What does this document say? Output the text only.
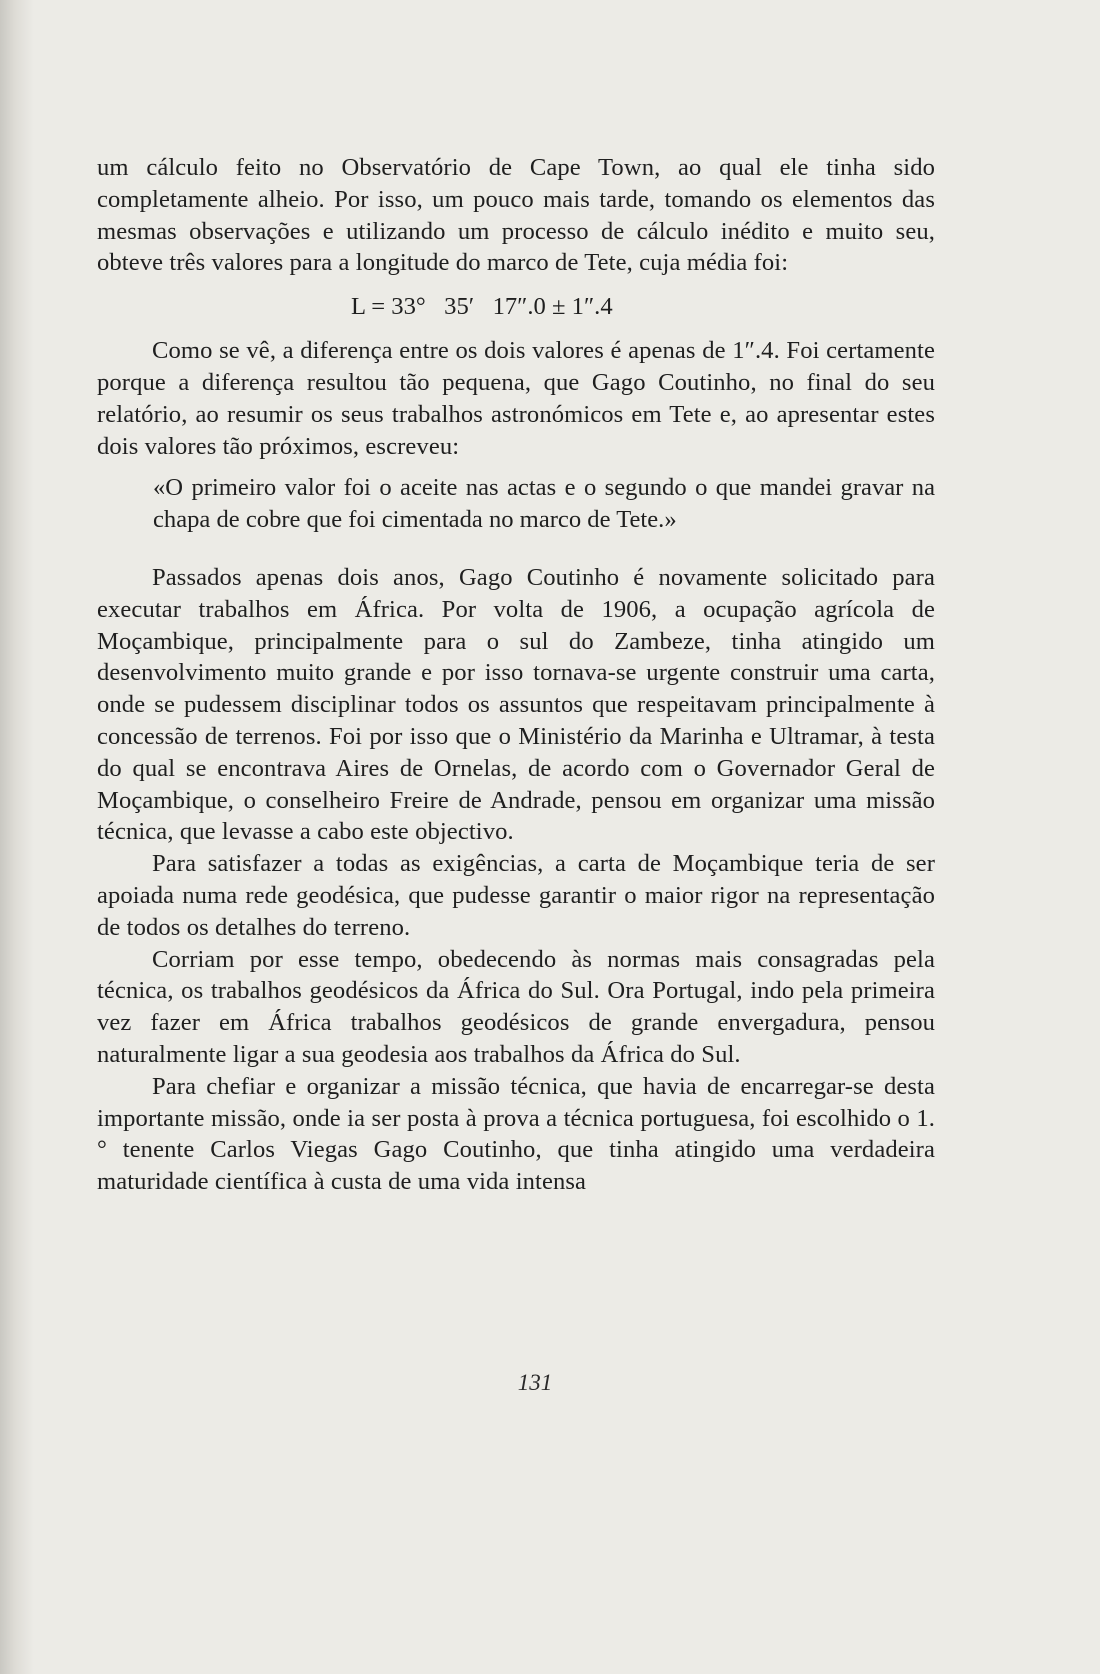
um cálculo feito no Observatório de Cape Town, ao qual ele tinha sido completamente alheio. Por isso, um pouco mais tarde, tomando os elementos das mesmas observações e utilizando um processo de cálculo inédito e muito seu, obteve três valores para a longitude do marco de Tete, cuja média foi:

L = 33°   35′   17″.0 ± 1″.4

Como se vê, a diferença entre os dois valores é apenas de 1″.4. Foi certamente porque a diferença resultou tão pequena, que Gago Coutinho, no final do seu relatório, ao resumir os seus trabalhos astronómicos em Tete e, ao apresentar estes dois valores tão próximos, escreveu:

«O primeiro valor foi o aceite nas actas e o segundo o que mandei gravar na chapa de cobre que foi cimentada no marco de Tete.»

Passados apenas dois anos, Gago Coutinho é novamente solicitado para executar trabalhos em África. Por volta de 1906, a ocupação agrícola de Moçambique, principalmente para o sul do Zambeze, tinha atingido um desenvolvimento muito grande e por isso tornava-se urgente construir uma carta, onde se pudessem disciplinar todos os assuntos que respeitavam principalmente à concessão de terrenos. Foi por isso que o Ministério da Marinha e Ultramar, à testa do qual se encontrava Aires de Ornelas, de acordo com o Governador Geral de Moçambique, o conselheiro Freire de Andrade, pensou em organizar uma missão técnica, que levasse a cabo este objectivo.

Para satisfazer a todas as exigências, a carta de Moçambique teria de ser apoiada numa rede geodésica, que pudesse garantir o maior rigor na representação de todos os detalhes do terreno.

Corriam por esse tempo, obedecendo às normas mais consagradas pela técnica, os trabalhos geodésicos da África do Sul. Ora Portugal, indo pela primeira vez fazer em África trabalhos geodésicos de grande envergadura, pensou naturalmente ligar a sua geodesia aos trabalhos da África do Sul.

Para chefiar e organizar a missão técnica, que havia de encarregar-se desta importante missão, onde ia ser posta à prova a técnica portuguesa, foi escolhido o 1.° tenente Carlos Viegas Gago Coutinho, que tinha atingido uma verdadeira maturidade científica à custa de uma vida intensa

131
